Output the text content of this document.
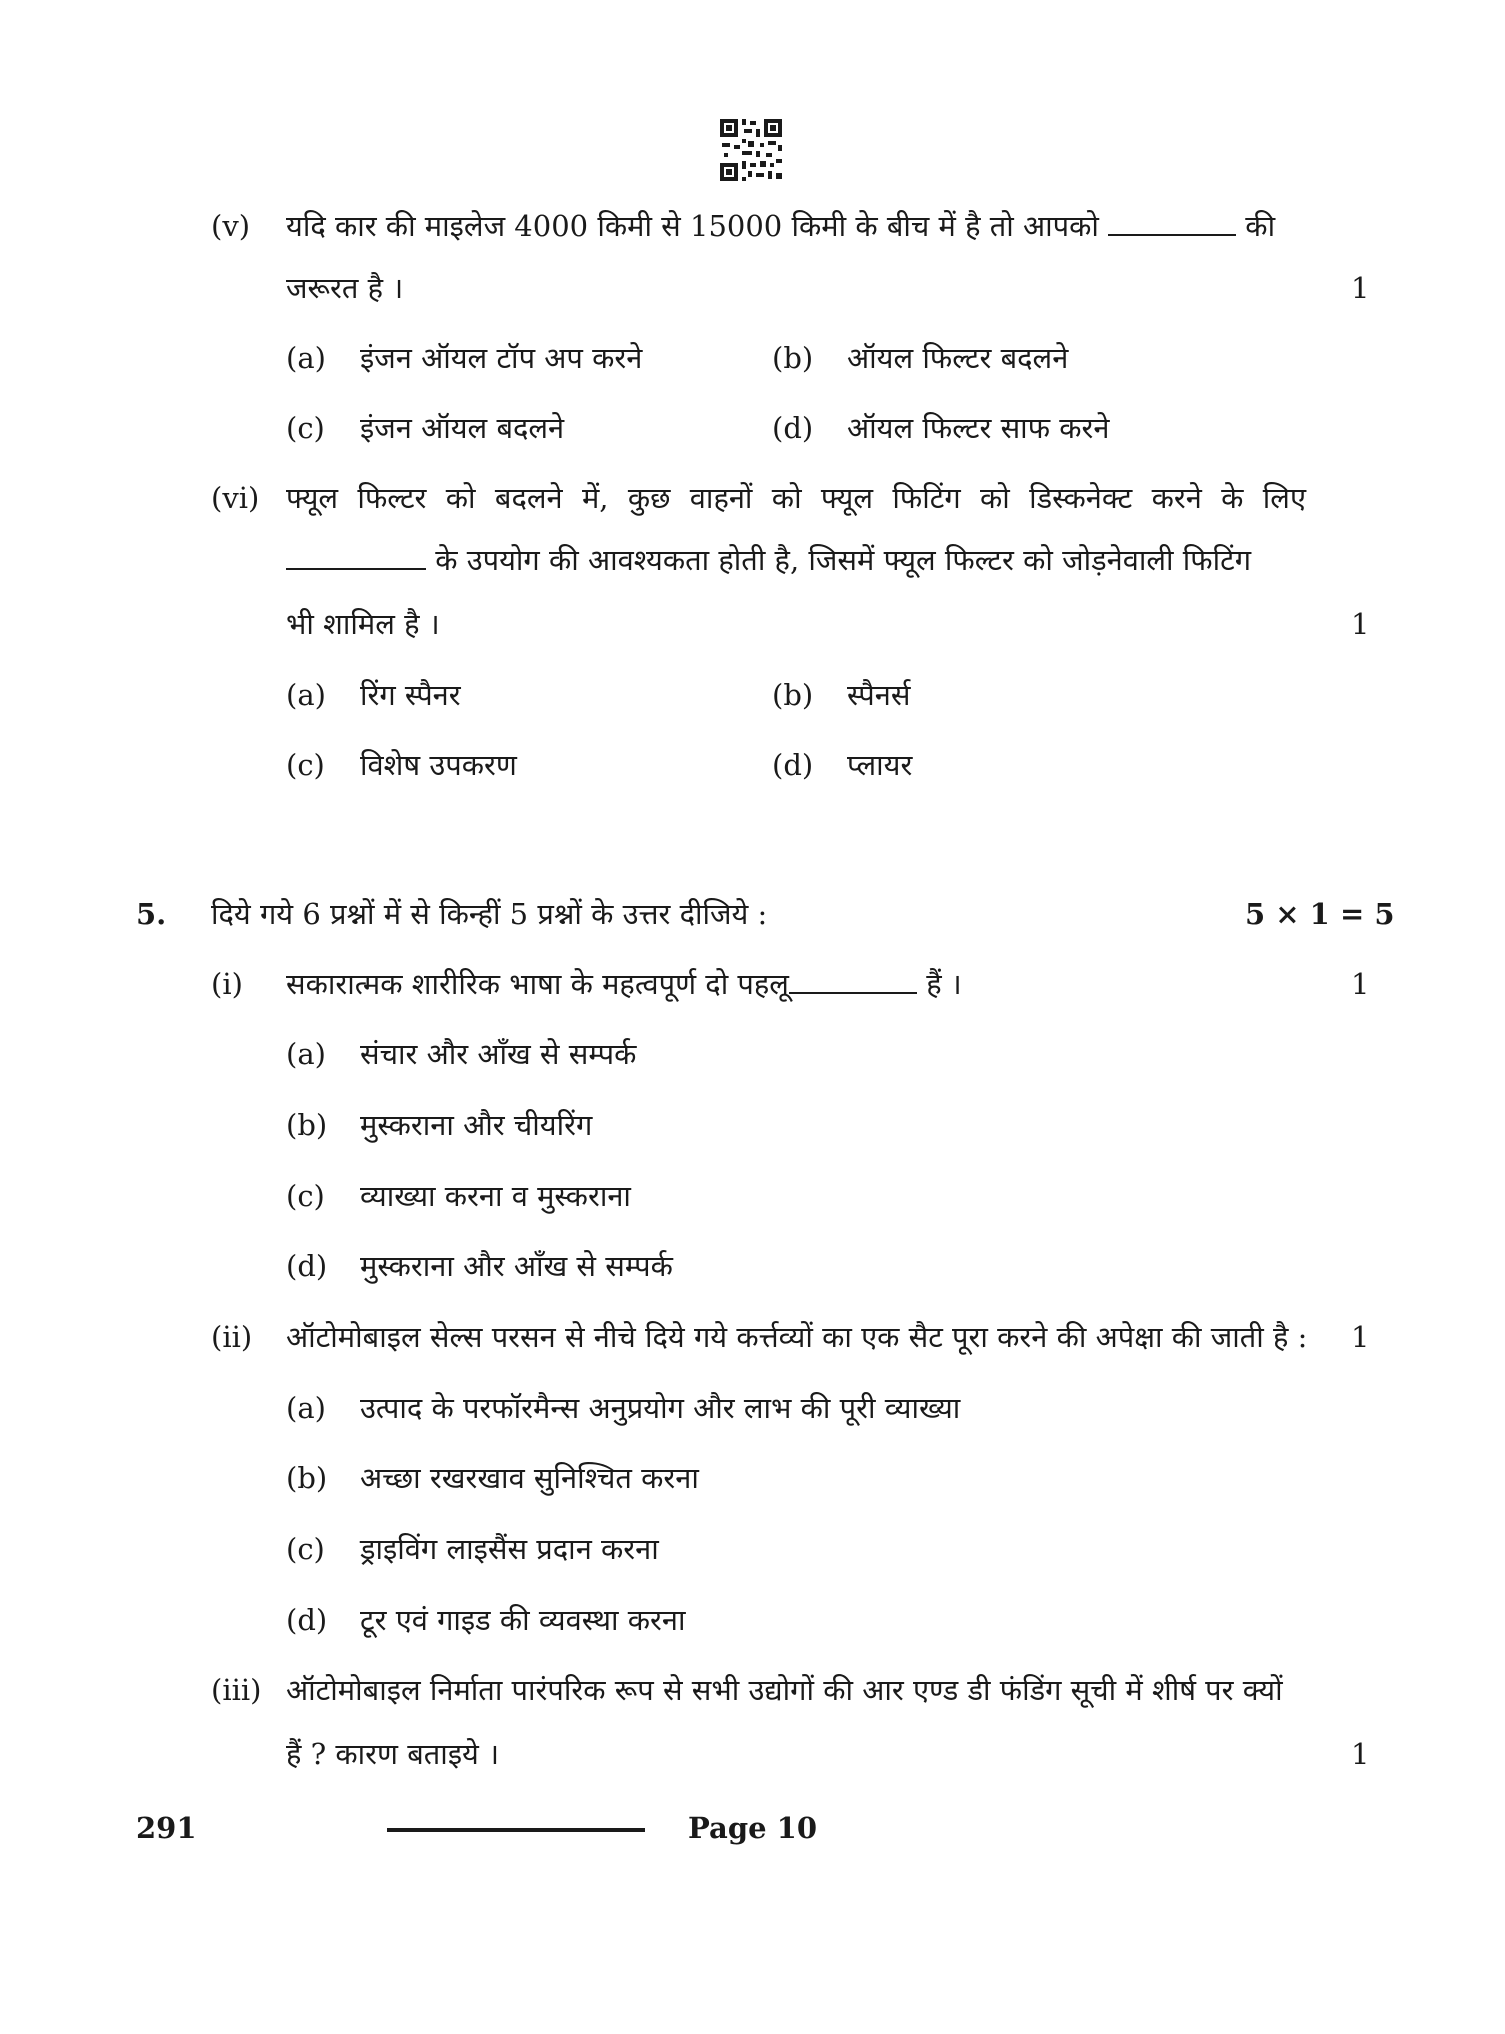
(v) यदि कार की माइलेज 4000 किमी से 15000 किमी के बीच में है तो आपको	की
जरूरत है ।	1
(a) इंजन ऑयल टॉप अप करने	(b) ऑयल फिल्टर बदलने
(c) इंजन ऑयल बदलने	(d) ऑयल फिल्टर साफ करने
(vi) फ्यूल फिल्टर को बदलने में, कुछ वाहनों को फ्यूल फिटिंग को डिस्कनेक्ट करने के लिए
के उपयोग की आवश्यकता होती है, जिसमें फ्यूल फिल्टर को जोड़नेवाली फिटिंग
भी शामिल है ।	1
(a) रिंग स्पैनर	(b) स्पैनर्स
(c) विशेष उपकरण	(d) प्लायर
5. दिये गये 6 प्रश्नों में से किन्हीं 5 प्रश्नों के उत्तर दीजिये :	5 × 1 = 5
(i) सकारात्मक शारीरिक भाषा के महत्वपूर्ण दो पहलू	हैं ।	1
(a) संचार और आँख से सम्पर्क
(b) मुस्कराना और चीयरिंग
(c) व्याख्या करना व मुस्कराना
(d) मुस्कराना और आँख से सम्पर्क
(ii) ऑटोमोबाइल सेल्स परसन से नीचे दिये गये कर्त्तव्यों का एक सैट पूरा करने की अपेक्षा की जाती है : 1
(a) उत्पाद के परफॉरमैन्स अनुप्रयोग और लाभ की पूरी व्याख्या
(b) अच्छा रखरखाव सुनिश्चित करना
(c) ड्राइविंग लाइसैंस प्रदान करना
(d) टूर एवं गाइड की व्यवस्था करना
(iii) ऑटोमोबाइल निर्माता पारंपरिक रूप से सभी उद्योगों की आर एण्ड डी फंडिंग सूची में शीर्ष पर क्यों
हैं ? कारण बताइये ।	1
291	Page 10
